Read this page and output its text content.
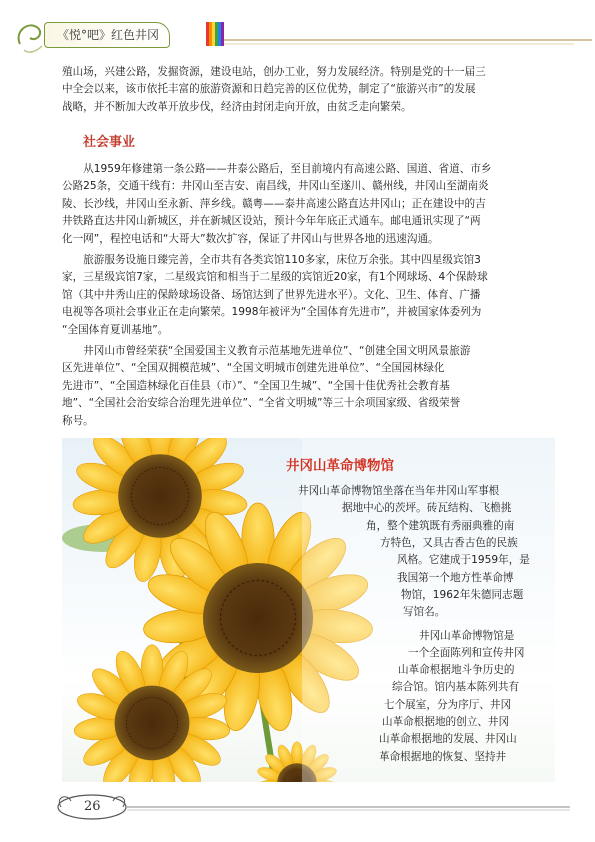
《悦°吧》红色井冈
殖山场，兴建公路，发掘资源，建设电站，创办工业，努力发展经济。特别是党的十一届三
中全会以来，该市依托丰富的旅游资源和日趋完善的区位优势，制定了“旅游兴市”的发展
战略，并不断加大改革开放步伐，经济由封闭走向开放，由贫乏走向繁荣。
社会事业
　　从1959年修建第一条公路——井泰公路后，至目前境内有高速公路、国道、省道、市乡
公路25条，交通干线有：井冈山至吉安、南昌线，井冈山至遂川、赣州线，井冈山至湖南炎
陵、长沙线，井冈山至永新、萍乡线。赣粤——泰井高速公路直达井冈山；正在建设中的吉
井铁路直达井冈山新城区，并在新城区设站，预计今年年底正式通车。邮电通讯实现了“两
化一网”，程控电话和“大哥大”数次扩容，保证了井冈山与世界各地的迅速沟通。
　　旅游服务设施日臻完善，全市共有各类宾馆110多家，床位万余张。其中四星级宾馆3
家，三星级宾馆7家，二星级宾馆和相当于二星级的宾馆近20家，有1个网球场、4个保龄球
馆（其中井秀山庄的保龄球场设备、场馆达到了世界先进水平）。文化、卫生、体育、广播
电视等各项社会事业正在走向繁荣。1998年被评为“全国体育先进市”，并被国家体委列为
“全国体育夏训基地”。
　　井冈山市曾经荣获“全国爱国主义教育示范基地先进单位”、“创建全国文明风景旅游
区先进单位”、“全国双拥模范城”、“全国文明城市创建先进单位”、“全国园林绿化
先进市”、“全国造林绿化百佳县（市）”、“全国卫生城”、“全国十佳优秀社会教育基
地”、“全国社会治安综合治理先进单位”、“全省文明城”等三十余项国家级、省级荣誉
称号。
井冈山革命博物馆
井冈山革命博物馆坐落在当年井冈山军事根
据地中心的茨坪。砖瓦结构、飞檐挑
角，整个建筑既有秀丽典雅的南
方特色，又具古香古色的民族
风格。它建成于1959年，是
我国第一个地方性革命博
物馆，1962年朱德同志题
写馆名。
井冈山革命博物馆是
一个全面陈列和宣传井冈
山革命根据地斗争历史的
综合馆。馆内基本陈列共有
七个展室，分为序厅、井冈
山革命根据地的创立、井冈
山革命根据地的发展、井冈山
革命根据地的恢复、坚持井
26
